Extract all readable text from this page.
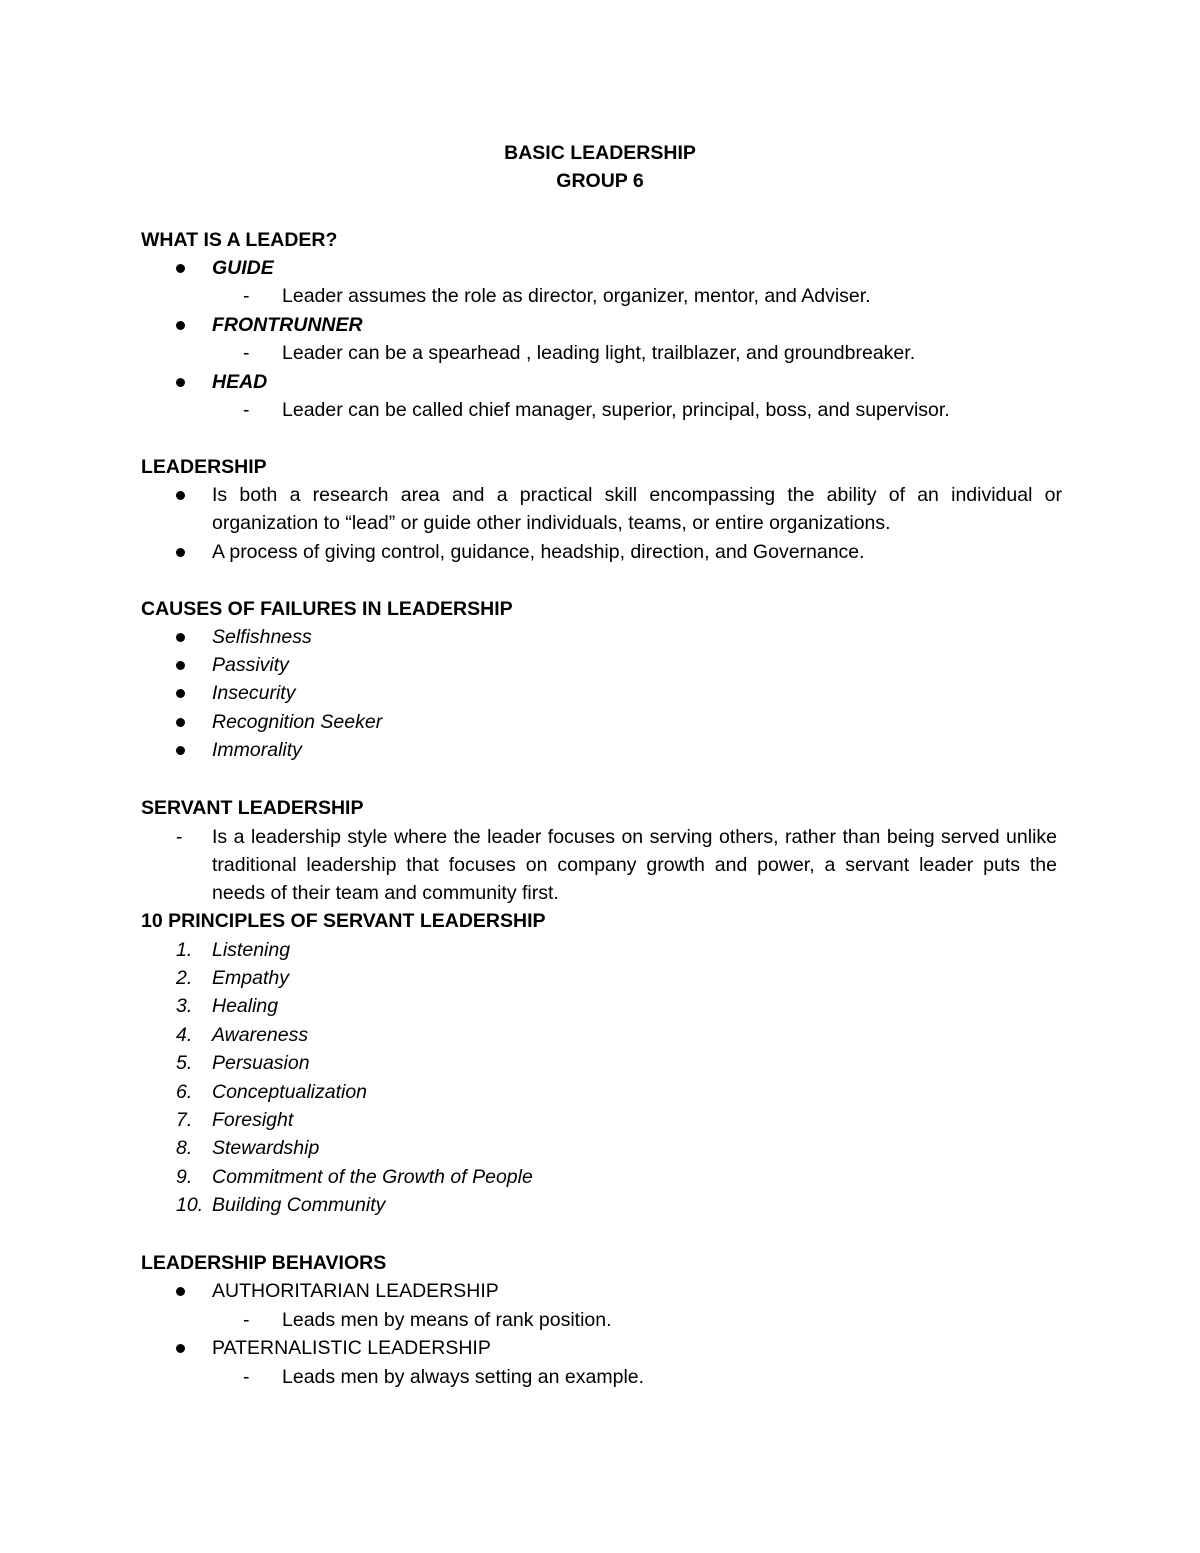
BASIC LEADERSHIP
GROUP 6
WHAT IS A LEADER?
GUIDE
- Leader assumes the role as director, organizer, mentor, and Adviser.
FRONTRUNNER
- Leader can be a spearhead , leading light, trailblazer, and groundbreaker.
HEAD
- Leader can be called chief manager, superior, principal, boss, and supervisor.
LEADERSHIP
Is both a research area and a practical skill encompassing the ability of an individual or organization to “lead” or guide other individuals, teams, or entire organizations.
A process of giving control, guidance, headship, direction, and Governance.
CAUSES OF FAILURES IN LEADERSHIP
Selfishness
Passivity
Insecurity
Recognition Seeker
Immorality
SERVANT LEADERSHIP
- Is a leadership style where the leader focuses on serving others, rather than being served unlike traditional leadership that focuses on company growth and power, a servant leader puts the needs of their team and community first.
10 PRINCIPLES OF SERVANT LEADERSHIP
1. Listening
2. Empathy
3. Healing
4. Awareness
5. Persuasion
6. Conceptualization
7. Foresight
8. Stewardship
9. Commitment of the Growth of People
10. Building Community
LEADERSHIP BEHAVIORS
AUTHORITARIAN LEADERSHIP
- Leads men by means of rank position.
PATERNALISTIC LEADERSHIP
- Leads men by always setting an example.
